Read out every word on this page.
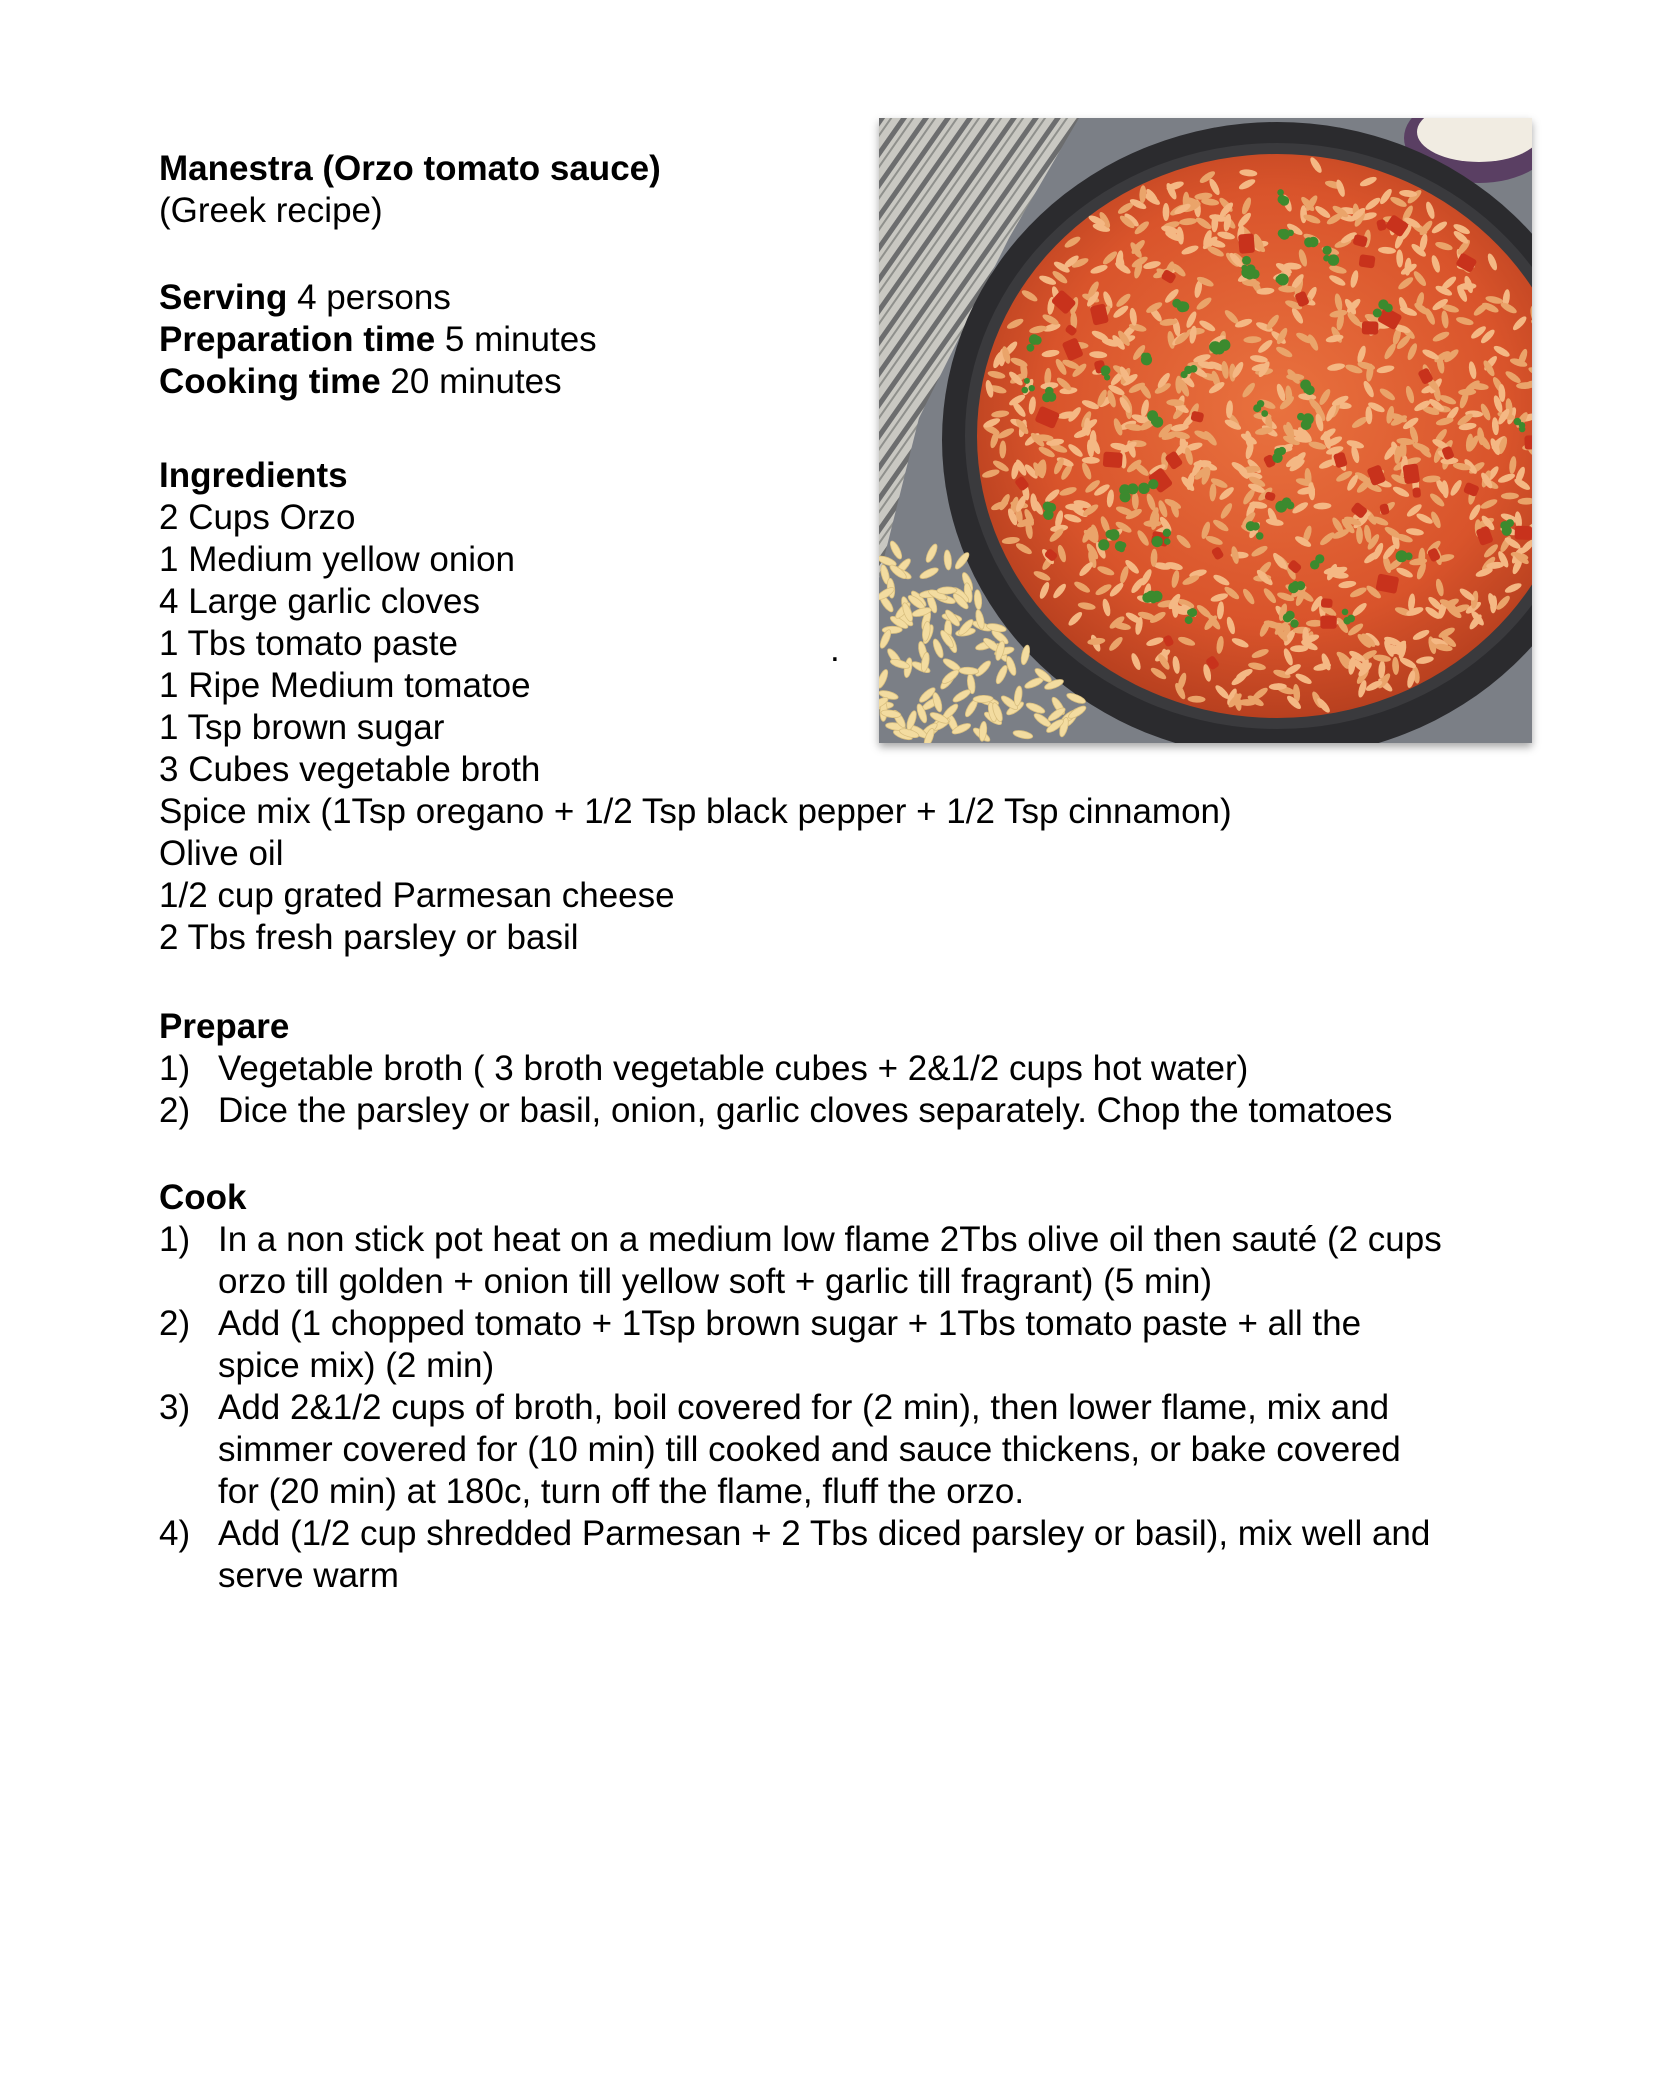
Manestra (Orzo tomato sauce)
(Greek recipe)
Serving 4 persons
Preparation time 5 minutes
Cooking time 20 minutes
Ingredients
2 Cups Orzo
1 Medium yellow onion
4 Large garlic cloves
1 Tbs tomato paste
1 Ripe Medium tomatoe
1 Tsp brown sugar
3 Cubes vegetable broth
Spice mix (1Tsp oregano + 1/2 Tsp black pepper + 1/2 Tsp cinnamon)
Olive oil
1/2 cup grated Parmesan cheese
2 Tbs fresh parsley or basil
.
Prepare
1) Vegetable broth ( 3 broth vegetable cubes + 2&1/2 cups hot water)
2) Dice the parsley or basil, onion, garlic cloves separately. Chop the tomatoes
Cook
1) In a non stick pot heat on a medium low flame 2Tbs olive oil then sauté (2 cups
orzo till golden + onion till yellow soft + garlic till fragrant) (5 min)
2) Add (1 chopped tomato + 1Tsp brown sugar + 1Tbs tomato paste + all the
spice mix) (2 min)
3) Add 2&1/2 cups of broth, boil covered for (2 min), then lower flame, mix and
simmer covered for (10 min) till cooked and sauce thickens, or bake covered
for (20 min) at 180c, turn off the flame, fluff the orzo.
4) Add (1/2 cup shredded Parmesan + 2 Tbs diced parsley or basil), mix well and
serve warm
